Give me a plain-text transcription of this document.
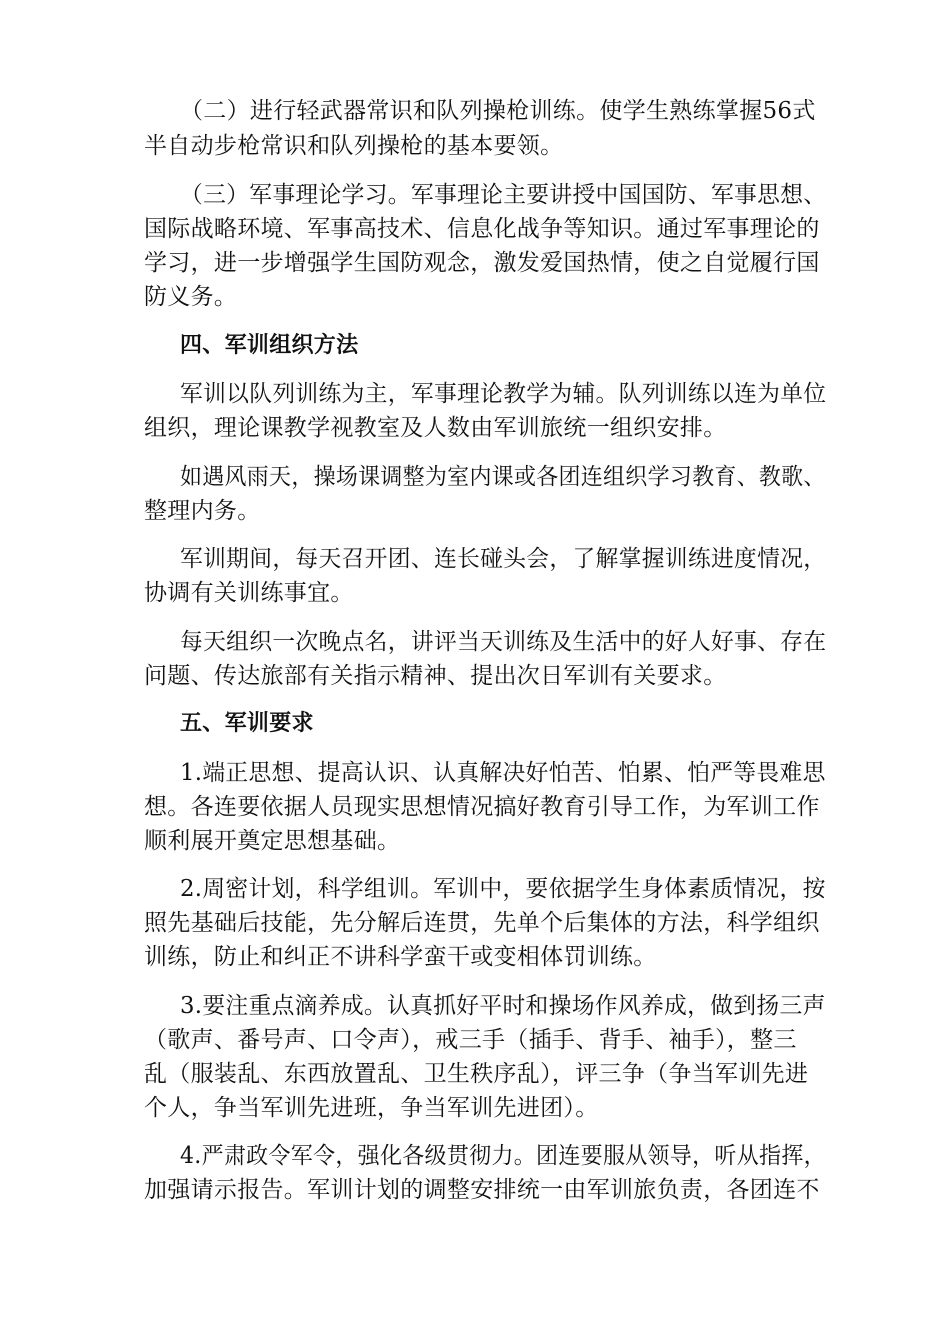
（二）进行轻武器常识和队列操枪训练。使学生熟练掌握56式
半自动步枪常识和队列操枪的基本要领。
（三）军事理论学习。军事理论主要讲授中国国防、军事思想、
国际战略环境、军事高技术、信息化战争等知识。通过军事理论的
学习，进一步增强学生国防观念，激发爱国热情，使之自觉履行国
防义务。
四、军训组织方法
军训以队列训练为主，军事理论教学为辅。队列训练以连为单位
组织，理论课教学视教室及人数由军训旅统一组织安排。
如遇风雨天，操场课调整为室内课或各团连组织学习教育、教歌、
整理内务。
军训期间，每天召开团、连长碰头会，了解掌握训练进度情况，
协调有关训练事宜。
每天组织一次晚点名，讲评当天训练及生活中的好人好事、存在
问题、传达旅部有关指示精神、提出次日军训有关要求。
五、军训要求
1.端正思想、提高认识、认真解决好怕苦、怕累、怕严等畏难思
想。各连要依据人员现实思想情况搞好教育引导工作，为军训工作
顺利展开奠定思想基础。
2.周密计划，科学组训。军训中，要依据学生身体素质情况，按
照先基础后技能，先分解后连贯，先单个后集体的方法，科学组织
训练，防止和纠正不讲科学蛮干或变相体罚训练。
3.要注重点滴养成。认真抓好平时和操场作风养成，做到扬三声
（歌声、番号声、口令声），戒三手（插手、背手、袖手），整三
乱（服装乱、东西放置乱、卫生秩序乱），评三争（争当军训先进
个人，争当军训先进班，争当军训先进团）。
4.严肃政令军令，强化各级贯彻力。团连要服从领导，听从指挥，
加强请示报告。军训计划的调整安排统一由军训旅负责，各团连不
